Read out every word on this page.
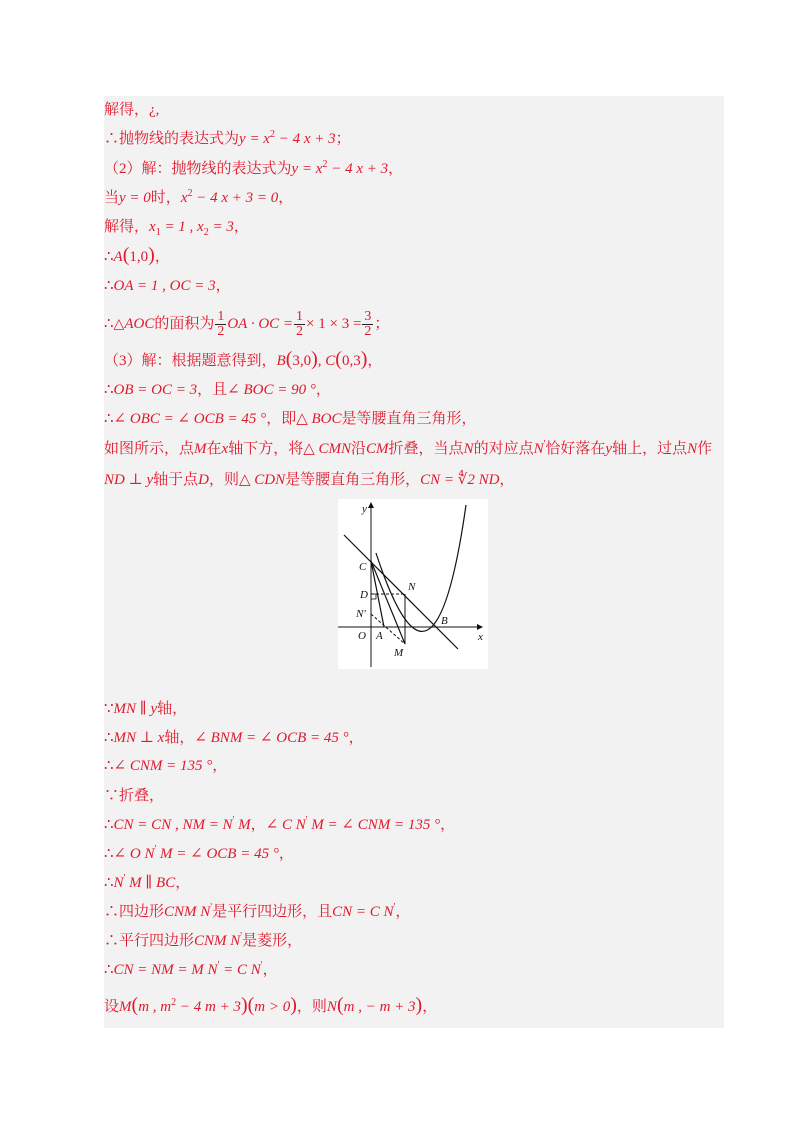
解得，¿,
∴抛物线的表达式为$y = x^2 - 4$ x + 3；
（2）解：抛物线的表达式为$y = x^2 - 4$ x + 3，
当y = 0时，$x^2 - 4$ x + 3 = 0，
解得，$x_1 = 1$ , $x_2 = 3$，
∴A(1,0)，
∴OA = 1 , OC = 3，
∴△AOC的面积为 $\frac{1}{2}$ OA · OC = $\frac{1}{2} \times 1 \times 3 = \frac{3}{2}$ ；
（3）解：根据题意得到，B(3,0), C(0,3)，
∴OB = OC = 3，且∠ BOC = 90 °，
∴∠ OBC = ∠ OCB = 45 °，即△ BOC是等腰直角三角形，
如图所示，点M在x轴下方，将△ CMN沿CM折叠，当点N的对应点N'恰好落在y轴上，过点N作
ND ⊥ y轴于点D，则△ CDN是等腰直角三角形，CN = ∜2 ND，
y
x
C
D
N
N'
O A
B
M
∵MN ∥ y轴，
∴MN ⊥ x轴，∠ BNM = ∠ OCB = 45 °，
∴∠ CNM = 135 °，
∵折叠，
∴CN = CN , NM = N' M，∠ C N' M = ∠ CNM = 135 °，
∴∠ O N' M = ∠ OCB = 45 °，
∴N' M ∥ BC，
∴四边形CNM N'是平行四边形，且CN = C N'，
∴平行四边形CNM N'是菱形，
∴CN = NM = M N' = C N'，
设M(m , $m^2 - 4$ m + 3)(m > 0)，则N(m , − m + 3)，
